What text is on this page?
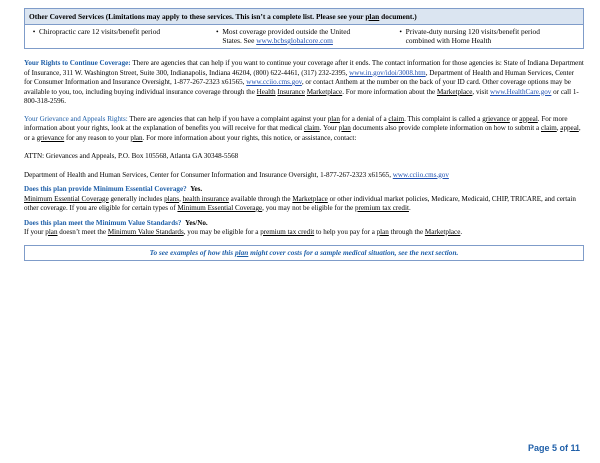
Other Covered Services (Limitations may apply to these services. This isn’t a complete list. Please see your plan document.)
• Chiropractic care 12 visits/benefit period	• Most coverage provided outside the United
States. See www.bcbsglobalcore.com
• Private-duty nursing 120 visits/benefit period
combined with Home Health

Your Rights to Continue Coverage: There are agencies that can help if you want to continue your coverage after it ends. The contact information for those agencies is: State of Indiana Department of Insurance, 311 W. Washington Street, Suite 300, Indianapolis, Indiana 46204, (800) 622-4461, (317) 232-2395, www.in.gov/idoi/3008.htm, Department of Health and Human Services, Center for Consumer Information and Insurance Oversight, 1-877-267-2323 x61565, www.cciio.cms.gov, or contact Anthem at the number on the back of your ID card. Other coverage options may be available to you, too, including buying individual insurance coverage through the Health Insurance Marketplace. For more information about the Marketplace, visit www.HealthCare.gov or call 1-800-318-2596.

Your Grievance and Appeals Rights: There are agencies that can help if you have a complaint against your plan for a denial of a claim. This complaint is called a grievance or appeal. For more information about your rights, look at the explanation of benefits you will receive for that medical claim. Your plan documents also provide complete information on how to submit a claim, appeal, or a grievance for any reason to your plan. For more information about your rights, this notice, or assistance, contact:

ATTN: Grievances and Appeals, P.O. Box 105568, Atlanta GA 30348-5568

Department of Health and Human Services, Center for Consumer Information and Insurance Oversight, 1-877-267-2323 x61565, www.cciio.cms.gov

Does this plan provide Minimum Essential Coverage? Yes.

Minimum Essential Coverage generally includes plans, health insurance available through the Marketplace or other individual market policies, Medicare, Medicaid, CHIP, TRICARE, and certain other coverage. If you are eligible for certain types of Minimum Essential Coverage, you may not be eligible for the premium tax credit.

Does this plan meet the Minimum Value Standards? Yes/No.

If your plan doesn’t meet the Minimum Value Standards, you may be eligible for a premium tax credit to help you pay for a plan through the Marketplace.

To see examples of how this plan might cover costs for a sample medical situation, see the next section.
Page 5 of 11
